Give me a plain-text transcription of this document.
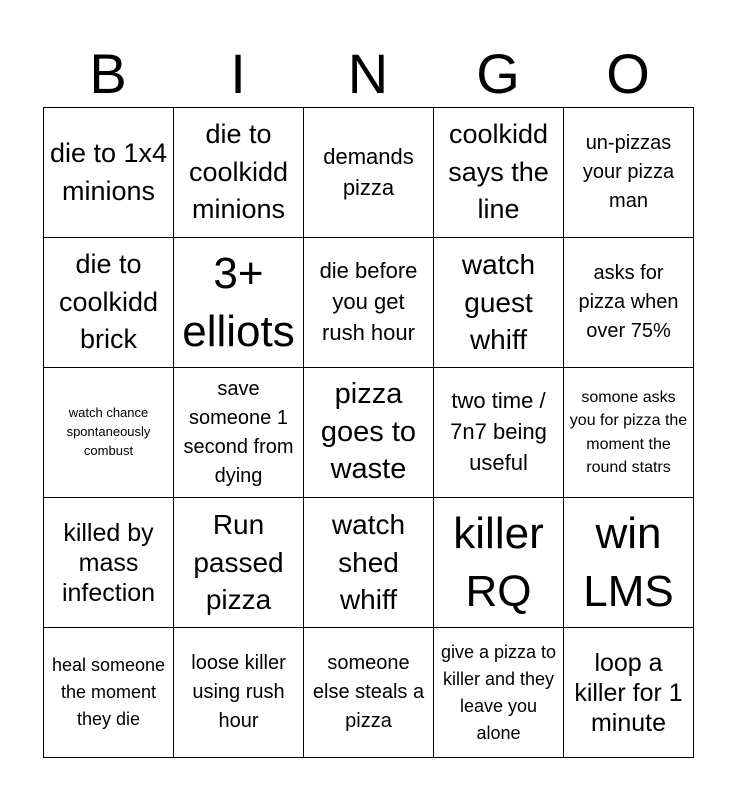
B	I	N	G	O
die to 1x4 minions	die to coolkidd minions	demands pizza	coolkidd says the line	un-pizzas your pizza man
die to coolkidd brick	3+ elliots	die before you get rush hour	watch guest whiff	asks for pizza when over 75%
watch chance spontaneously combust	save someone 1 second from dying	pizza goes to waste	two time / 7n7 being useful	somone asks you for pizza the moment the round statrs
killed by mass infection	Run passed pizza	watch shed whiff	killer RQ	win LMS
heal someone the moment they die	loose killer using rush hour	someone else steals a pizza	give a pizza to killer and they leave you alone	loop a killer for 1 minute
